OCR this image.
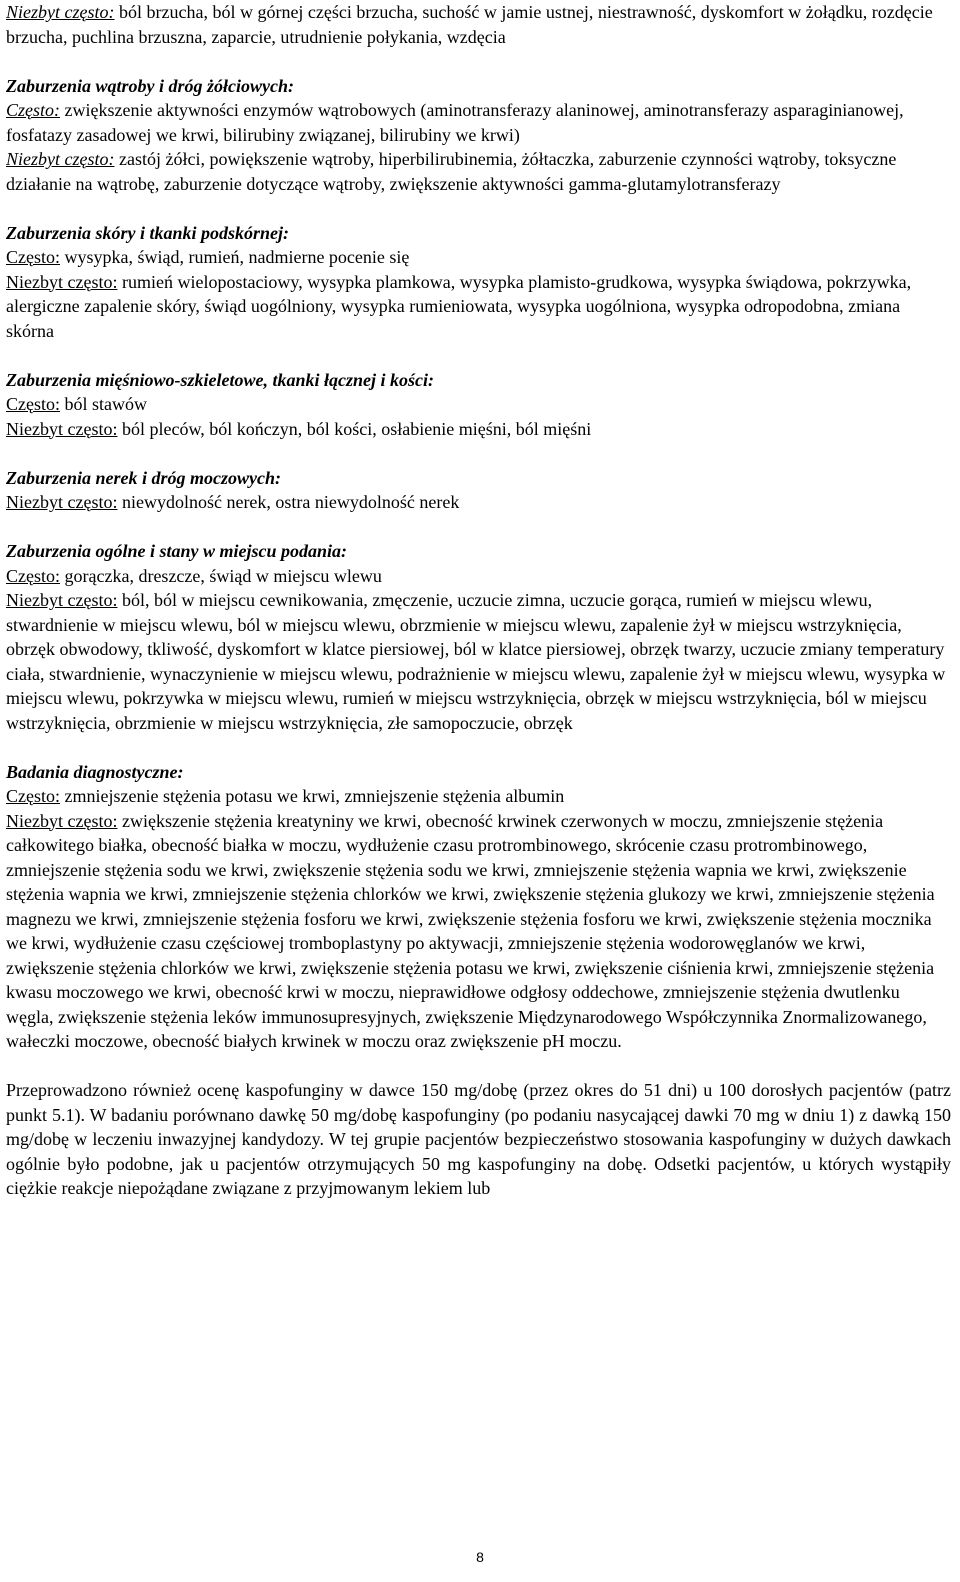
Niezbyt często: ból brzucha, ból w górnej części brzucha, suchość w jamie ustnej, niestrawność, dyskomfort w żołądku, rozdęcie brzucha, puchlina brzuszna, zaparcie, utrudnienie połykania, wzdęcia

Zaburzenia wątroby i dróg żółciowych:

Często: zwiększenie aktywności enzymów wątrobowych (aminotransferazy alaninowej, aminotransferazy asparaginianowej, fosfatazy zasadowej we krwi, bilirubiny związanej, bilirubiny we krwi)

Niezbyt często: zastój żółci, powiększenie wątroby, hiperbilirubinemia, żółtaczka, zaburzenie czynności wątroby, toksyczne działanie na wątrobę, zaburzenie dotyczące wątroby, zwiększenie aktywności gamma-glutamylotransferazy

Zaburzenia skóry i tkanki podskórnej:

Często: wysypka, świąd, rumień, nadmierne pocenie się

Niezbyt często: rumień wielopostaciowy, wysypka plamkowa, wysypka plamisto-grudkowa, wysypka świądowa, pokrzywka, alergiczne zapalenie skóry, świąd uogólniony, wysypka rumieniowata, wysypka uogólniona, wysypka odropodobna, zmiana skórna

Zaburzenia mięśniowo-szkieletowe, tkanki łącznej i kości:

Często: ból stawów

Niezbyt często: ból pleców, ból kończyn, ból kości, osłabienie mięśni, ból mięśni

Zaburzenia nerek i dróg moczowych:

Niezbyt często: niewydolność nerek, ostra niewydolność nerek

Zaburzenia ogólne i stany w miejscu podania:

Często: gorączka, dreszcze, świąd w miejscu wlewu

Niezbyt często: ból, ból w miejscu cewnikowania, zmęczenie, uczucie zimna, uczucie gorąca, rumień w miejscu wlewu, stwardnienie w miejscu wlewu, ból w miejscu wlewu, obrzmienie w miejscu wlewu, zapalenie żył w miejscu wstrzyknięcia, obrzęk obwodowy, tkliwość, dyskomfort w klatce piersiowej, ból w klatce piersiowej, obrzęk twarzy, uczucie zmiany temperatury ciała, stwardnienie, wynaczynienie w miejscu wlewu, podrażnienie w miejscu wlewu, zapalenie żył w miejscu wlewu, wysypka w miejscu wlewu, pokrzywka w miejscu wlewu, rumień w miejscu wstrzyknięcia, obrzęk w miejscu wstrzyknięcia, ból w miejscu wstrzyknięcia, obrzmienie w miejscu wstrzyknięcia, złe samopoczucie, obrzęk

Badania diagnostyczne:

Często: zmniejszenie stężenia potasu we krwi, zmniejszenie stężenia albumin

Niezbyt często: zwiększenie stężenia kreatyniny we krwi, obecność krwinek czerwonych w moczu, zmniejszenie stężenia całkowitego białka, obecność białka w moczu, wydłużenie czasu protrombinowego, skrócenie czasu protrombinowego, zmniejszenie stężenia sodu we krwi, zwiększenie stężenia sodu we krwi, zmniejszenie stężenia wapnia we krwi, zwiększenie stężenia wapnia we krwi, zmniejszenie stężenia chlorków we krwi, zwiększenie stężenia glukozy we krwi, zmniejszenie stężenia magnezu we krwi, zmniejszenie stężenia fosforu we krwi, zwiększenie stężenia fosforu we krwi, zwiększenie stężenia mocznika we krwi, wydłużenie czasu częściowej tromboplastyny po aktywacji, zmniejszenie stężenia wodorowęglanów we krwi, zwiększenie stężenia chlorków we krwi, zwiększenie stężenia potasu we krwi, zwiększenie ciśnienia krwi, zmniejszenie stężenia kwasu moczowego we krwi, obecność krwi w moczu, nieprawidłowe odgłosy oddechowe, zmniejszenie stężenia dwutlenku węgla, zwiększenie stężenia leków immunosupresyjnych, zwiększenie Międzynarodowego Współczynnika Znormalizowanego, wałeczki moczowe, obecność białych krwinek w moczu oraz zwiększenie pH moczu.

Przeprowadzono również ocenę kaspofunginy w dawce 150 mg/dobę (przez okres do 51 dni) u 100 dorosłych pacjentów (patrz punkt 5.1). W badaniu porównano dawkę 50 mg/dobę kaspofunginy (po podaniu nasycającej dawki 70 mg w dniu 1) z dawką 150 mg/dobę w leczeniu inwazyjnej kandydozy. W tej grupie pacjentów bezpieczeństwo stosowania kaspofunginy w dużych dawkach ogólnie było podobne, jak u pacjentów otrzymujących 50 mg kaspofunginy na dobę. Odsetki pacjentów, u których wystąpiły ciężkie reakcje niepożądane związane z przyjmowanym lekiem lub

8
